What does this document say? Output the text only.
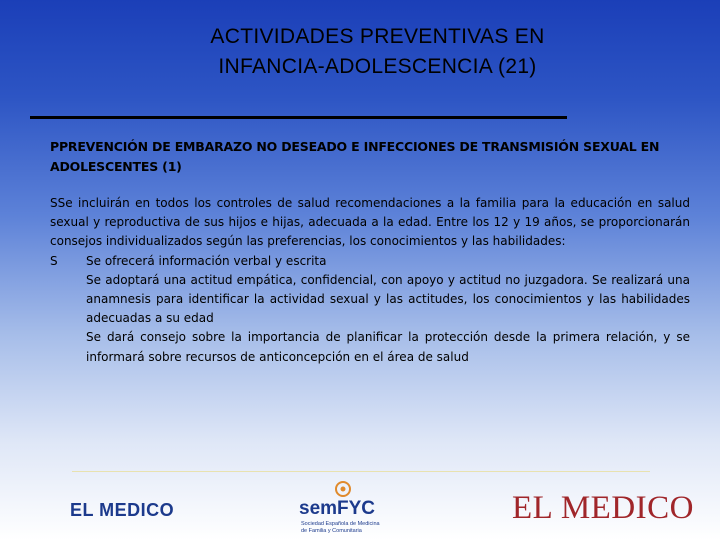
ACTIVIDADES PREVENTIVAS EN
INFANCIA-ADOLESCENCIA (21)
PPREVENCIÓN DE EMBARAZO NO DESEADO E INFECCIONES DE TRANSMISIÓN SEXUAL EN ADOLESCENTES (1)

SSe incluirán en todos los controles de salud recomendaciones a la familia para la educación en salud sexual y reproductiva de sus hijos e hijas, adecuada a la edad. Entre los 12 y 19 años, se proporcionarán consejos individualizados según las preferencias, los conocimientos y las habilidades:

S	Se ofrecerá información verbal y escrita

Se adoptará una actitud empática, confidencial, con apoyo y actitud no juzgadora. Se realizará una anamnesis para identificar la actividad sexual y las actitudes, los conocimientos y las habilidades adecuadas a su edad

Se dará consejo sobre la importancia de planificar la protección desde la primera relación, y se informará sobre recursos de anticoncepción en el área de salud

EL MEDICO	semFYC
Sociedad Española de Medicina
de Familia y Comunitaria
EL MEDICO
